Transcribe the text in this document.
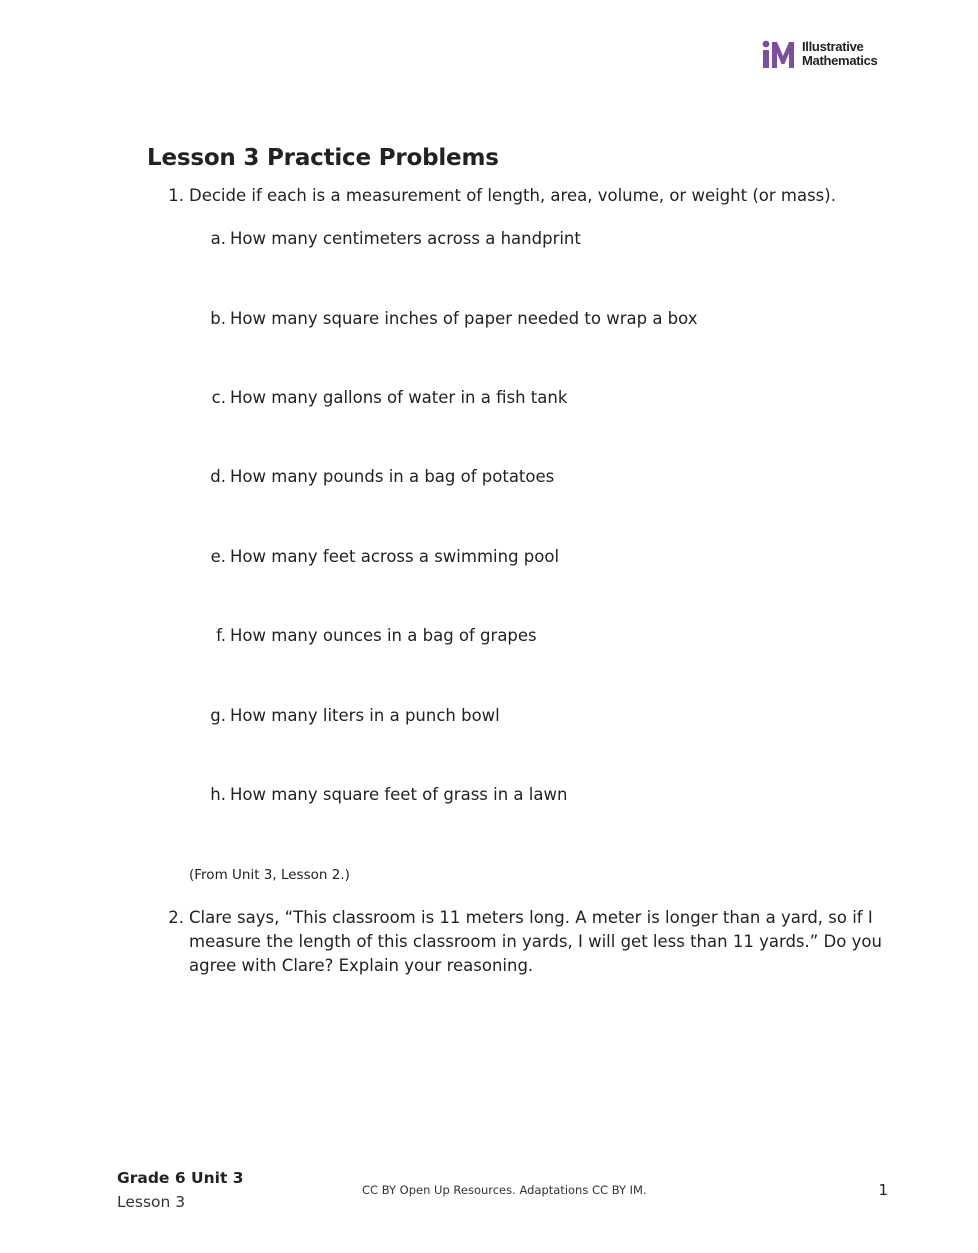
Illustrative
Mathematics
Lesson 3 Practice Problems
1. Decide if each is a measurement of length, area, volume, or weight (or mass).
a. How many centimeters across a handprint
b. How many square inches of paper needed to wrap a box
c. How many gallons of water in a fish tank
d. How many pounds in a bag of potatoes
e. How many feet across a swimming pool
f. How many ounces in a bag of grapes
g. How many liters in a punch bowl
h. How many square feet of grass in a lawn
(From Unit 3, Lesson 2.)
2. Clare says, “This classroom is 11 meters long. A meter is longer than a yard, so if I
measure the length of this classroom in yards, I will get less than 11 yards.” Do you
agree with Clare? Explain your reasoning.
Grade 6 Unit 3
Lesson 3
CC BY Open Up Resources. Adaptations CC BY IM.	1
